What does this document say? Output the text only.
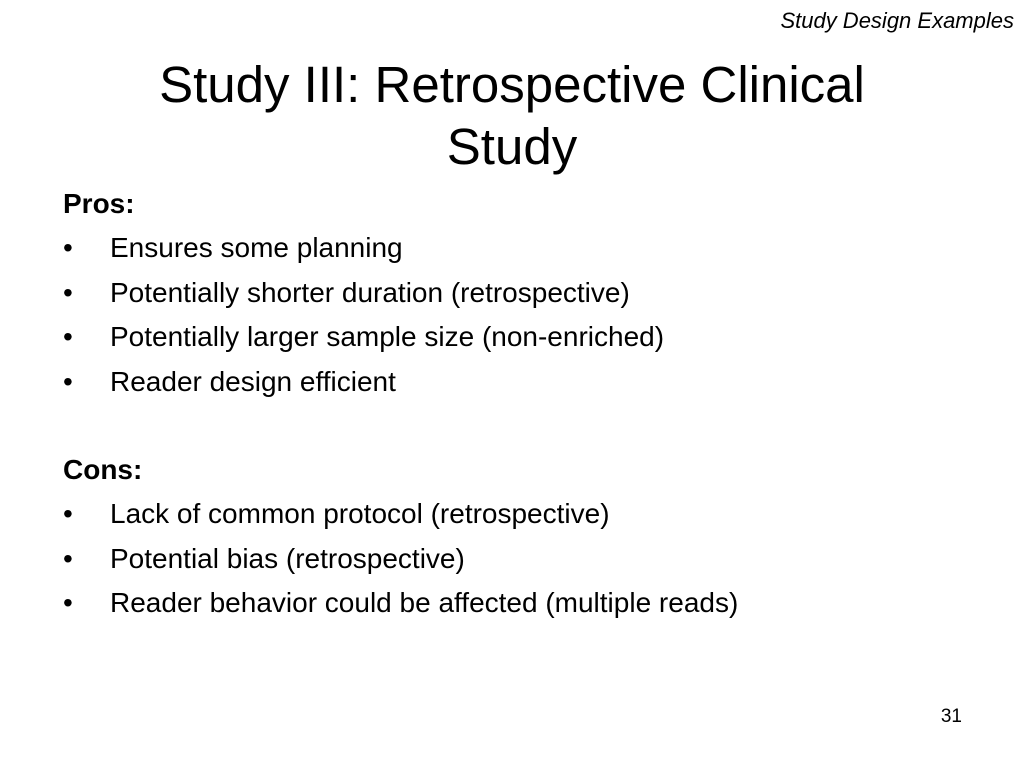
Study Design Examples
Study III: Retrospective Clinical
Study
Pros:
•	Ensures some planning
•	Potentially shorter duration (retrospective)
•	Potentially larger sample size (non-enriched)
•	Reader design efficient
Cons:
•	Lack of common protocol (retrospective)
•	Potential bias (retrospective)
•	Reader behavior could be affected (multiple reads)
31
